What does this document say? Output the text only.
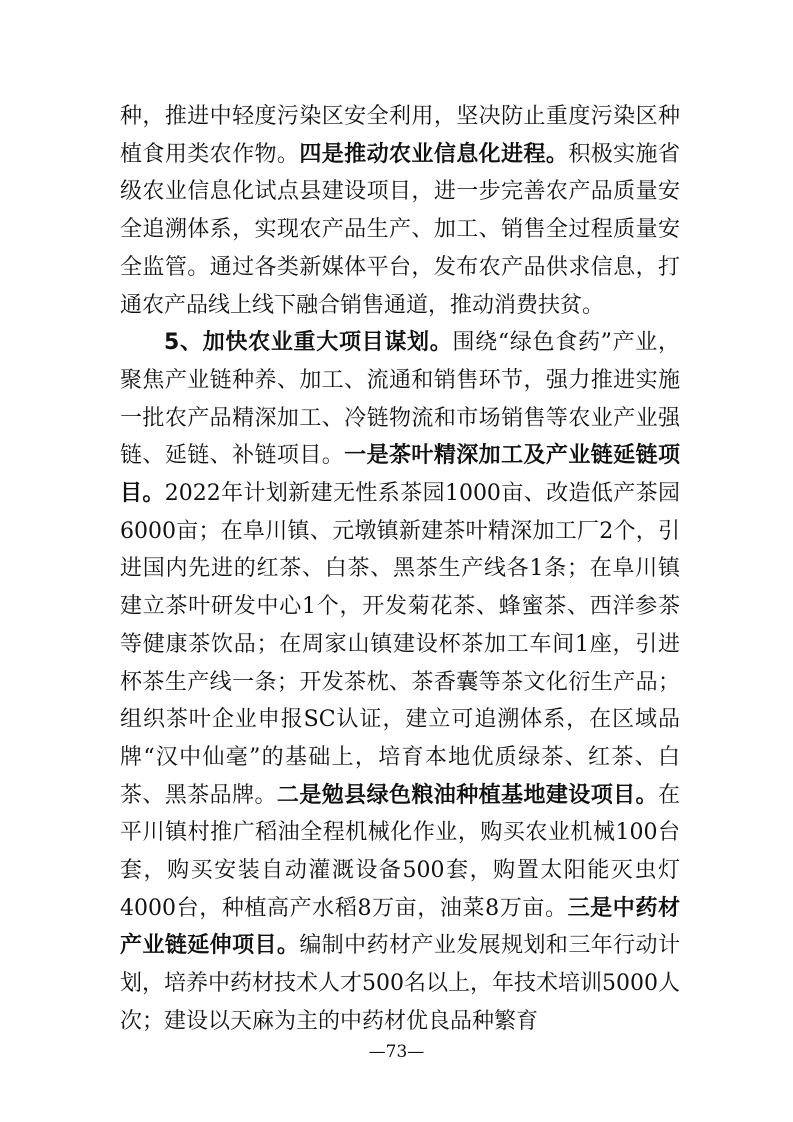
种，推进中轻度污染区安全利用，坚决防止重度污染区种植食用类农作物。四是推动农业信息化进程。积极实施省级农业信息化试点县建设项目，进一步完善农产品质量安全追溯体系，实现农产品生产、加工、销售全过程质量安全监管。通过各类新媒体平台，发布农产品供求信息，打通农产品线上线下融合销售通道，推动消费扶贫。

5、加快农业重大项目谋划。围绕“绿色食药”产业，聚焦产业链种养、加工、流通和销售环节，强力推进实施一批农产品精深加工、冷链物流和市场销售等农业产业强链、延链、补链项目。一是茶叶精深加工及产业链延链项目。2022年计划新建无性系茶园1000亩、改造低产茶园6000亩；在阜川镇、元墩镇新建茶叶精深加工厂2个，引进国内先进的红茶、白茶、黑茶生产线各1条；在阜川镇建立茶叶研发中心1个，开发菊花茶、蜂蜜茶、西洋参茶等健康茶饮品；在周家山镇建设杯茶加工车间1座，引进杯茶生产线一条；开发茶枕、茶香囊等茶文化衍生产品；组织茶叶企业申报SC认证，建立可追溯体系，在区域品牌“汉中仙毫”的基础上，培育本地优质绿茶、红茶、白茶、黑茶品牌。二是勉县绿色粮油种植基地建设项目。在平川镇村推广稻油全程机械化作业，购买农业机械100台套，购买安装自动灌溉设备500套，购置太阳能灭虫灯4000台，种植高产水稻8万亩，油菜8万亩。三是中药材产业链延伸项目。编制中药材产业发展规划和三年行动计划，培养中药材技术人才500名以上，年技术培训5000人次；建设以天麻为主的中药材优良品种繁育

—73—
